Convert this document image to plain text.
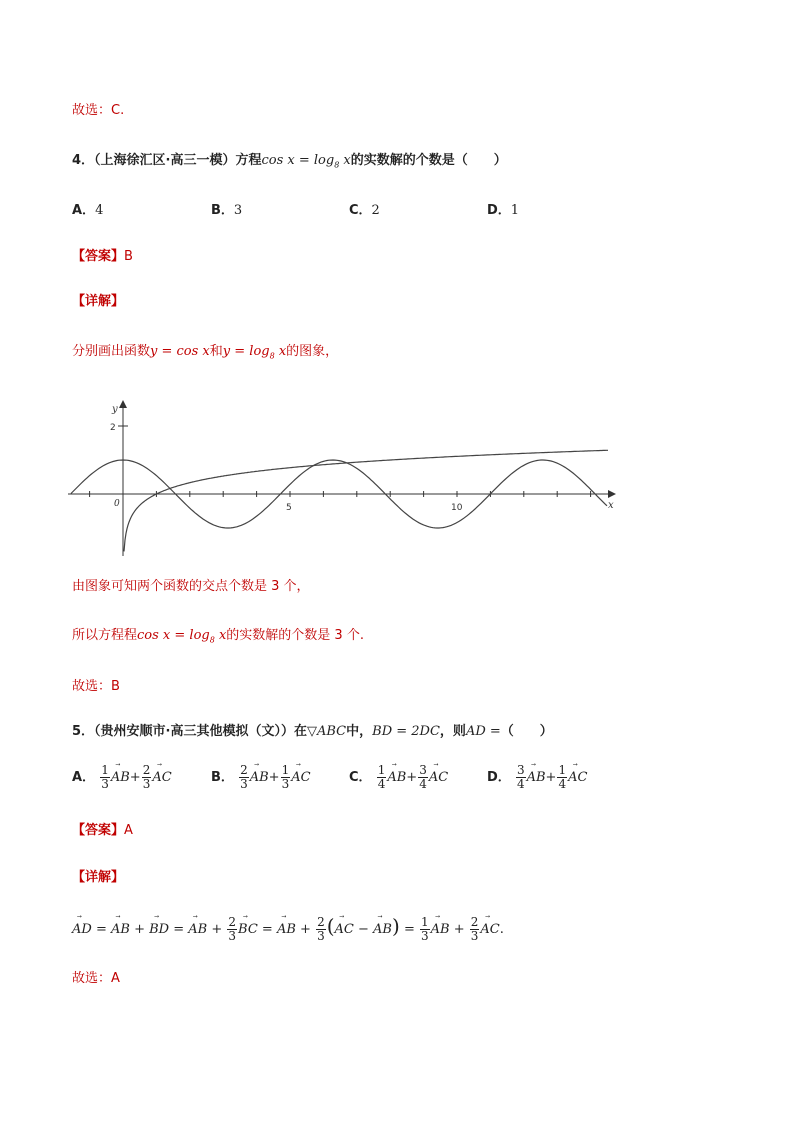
故选：C.
4．（上海徐汇区·高三一模）方程$\cos x = \log_8 x$的实数解的个数是（　　）
A．4	B．3	C．2	D．1
【答案】B
【详解】
分别画出函数y = cos x和$y = \log_8 x$的图象，
2
y
x
0	5	10
由图象可知两个函数的交点个数是 3 个，
所以方程程$\cos x = \log_8 x$的实数解的个数是 3 个.
故选：B
5．（贵州安顺市·高三其他模拟（文））在▽ABC中，BD = 2DC，则AD =（　　）
A． $\frac{1}{3}$ ⃗ $AB+ \frac{2}{3}$ ⃗ AC	B． $\frac{2}{3}$ ⃗ $AB+ \frac{1}{3}$ ⃗ AC	C． $\frac{1}{4}$ ⃗ $AB+ \frac{3}{4}$ ⃗ AC	D． $\frac{3}{4}$ ⃗ $AB+ \frac{1}{4}$ ⃗ AC
【答案】A
【详解】
⃗ AD = ⃗ AB + ⃗ BD = ⃗ AB + $\frac{2}{3}$ ⃗ BC = ⃗ AB + $\frac{2}{3}$ (⃗ AC − ⃗ $AB) = \frac{1}{3}$ ⃗ AB + $\frac{2}{3}$ ⃗ AC.
故选：A
